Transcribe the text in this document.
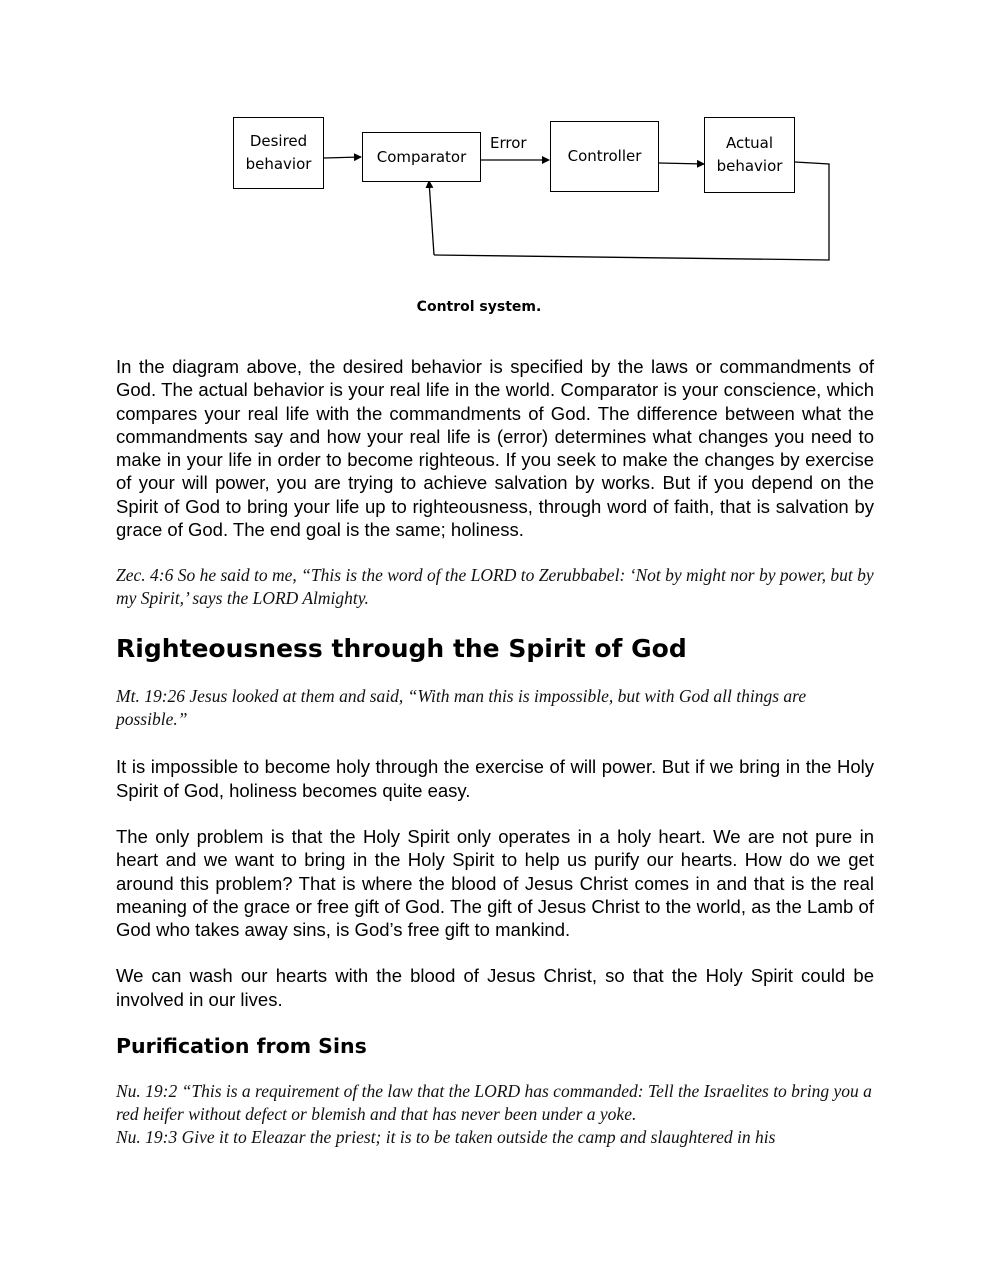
Desired
behavior	Comparator
Error
Controller
Actual
behavior
Control system.

In the diagram above, the desired behavior is specified by the laws or commandments of God. The actual behavior is your real life in the world. Comparator is your conscience, which compares your real life with the commandments of God. The difference between what the commandments say and how your real life is (error) determines what changes you need to make in your life in order to become righteous. If you seek to make the changes by exercise of your will power, you are trying to achieve salvation by works. But if you depend on the Spirit of God to bring your life up to righteousness, through word of faith, that is salvation by grace of God. The end goal is the same; holiness.

Zec. 4:6 So he said to me, “This is the word of the LORD to Zerubbabel: ‘Not by might nor by power, but by my Spirit,’ says the LORD Almighty.

Righteousness through the Spirit of God

Mt. 19:26 Jesus looked at them and said, “With man this is impossible, but with God all things are possible.”

It is impossible to become holy through the exercise of will power. But if we bring in the Holy Spirit of God, holiness becomes quite easy.

The only problem is that the Holy Spirit only operates in a holy heart. We are not pure in heart and we want to bring in the Holy Spirit to help us purify our hearts. How do we get around this problem? That is where the blood of Jesus Christ comes in and that is the real meaning of the grace or free gift of God. The gift of Jesus Christ to the world, as the Lamb of God who takes away sins, is God’s free gift to mankind.

We can wash our hearts with the blood of Jesus Christ, so that the Holy Spirit could be involved in our lives.

Purification from Sins

Nu. 19:2 “This is a requirement of the law that the LORD has commanded: Tell the Israelites to bring you a red heifer without defect or blemish and that has never been under a yoke.

Nu. 19:3 Give it to Eleazar the priest; it is to be taken outside the camp and slaughtered in his
